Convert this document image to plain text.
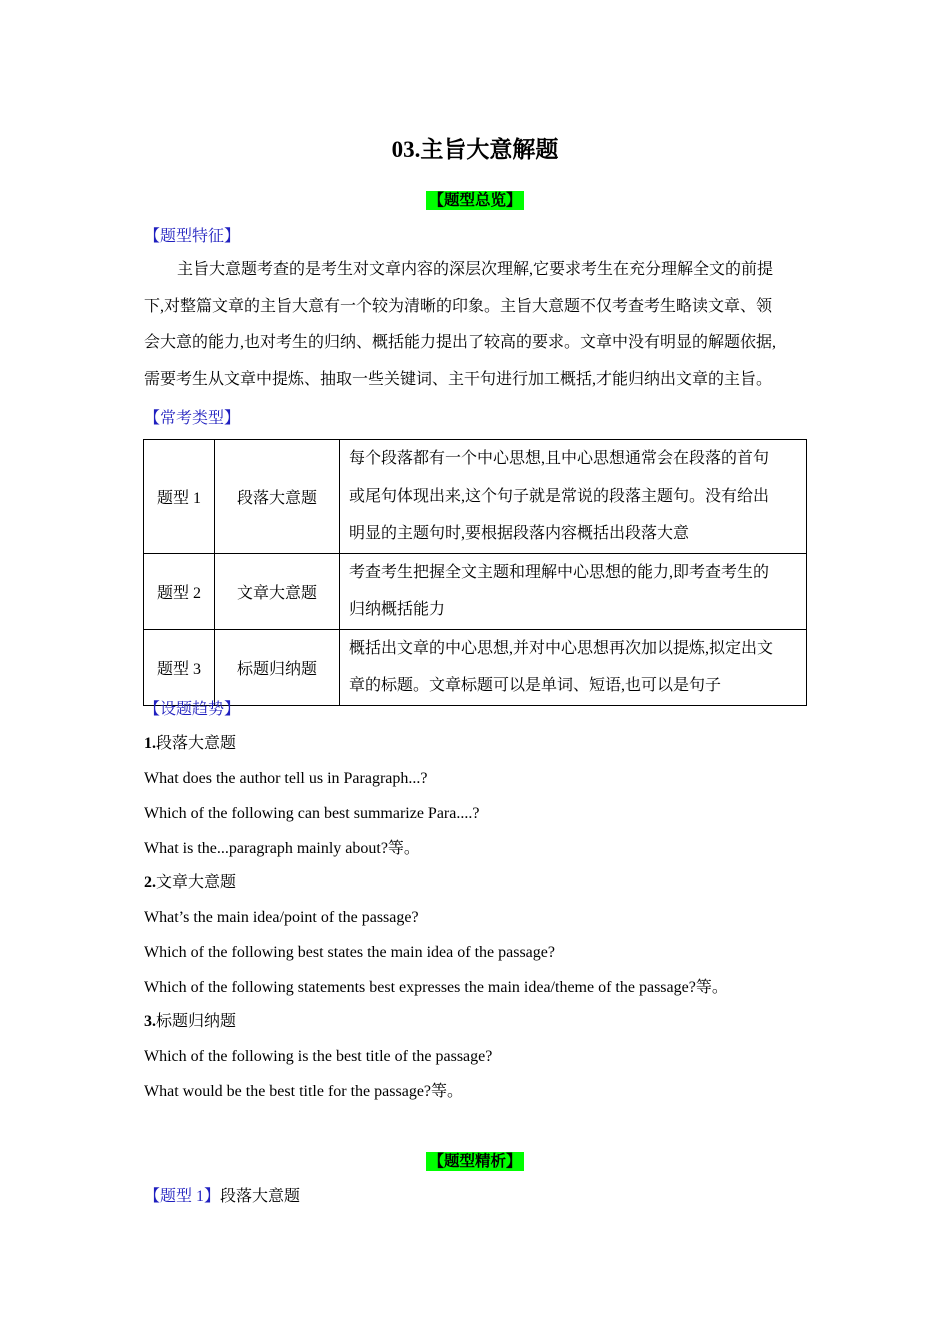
03.主旨大意解题
【题型总览】
【题型特征】

主旨大意题考查的是考生对文章内容的深层次理解,它要求考生在充分理解全文的前提

下,对整篇文章的主旨大意有一个较为清晰的印象。主旨大意题不仅考查考生略读文章、领

会大意的能力,也对考生的归纳、概括能力提出了较高的要求。文章中没有明显的解题依据,

需要考生从文章中提炼、抽取一些关键词、主干句进行加工概括,才能归纳出文章的主旨。

【常考类型】
题型 1	段落大意题	每个段落都有一个中心思想,且中心思想通常会在段落的首句
或尾句体现出来,这个句子就是常说的段落主题句。没有给出
明显的主题句时,要根据段落内容概括出段落大意

题型 2	文章大意题	考查考生把握全文主题和理解中心思想的能力,即考查考生的
归纳概括能力

题型 3	标题归纳题	概括出文章的中心思想,并对中心思想再次加以提炼,拟定出文
章的标题。文章标题可以是单词、短语,也可以是句子
【设题趋势】
1.段落大意题
What does the author tell us in Paragraph...?
Which of the following can best summarize Para....?
What is the...paragraph mainly about?等。
2.文章大意题
What’s the main idea/point of the passage?
Which of the following best states the main idea of the passage?
Which of the following statements best expresses the main idea/theme of the passage?等。
3.标题归纳题
Which of the following is the best title of the passage?
What would be the best title for the passage?等。
【题型精析】
【题型 1】段落大意题
